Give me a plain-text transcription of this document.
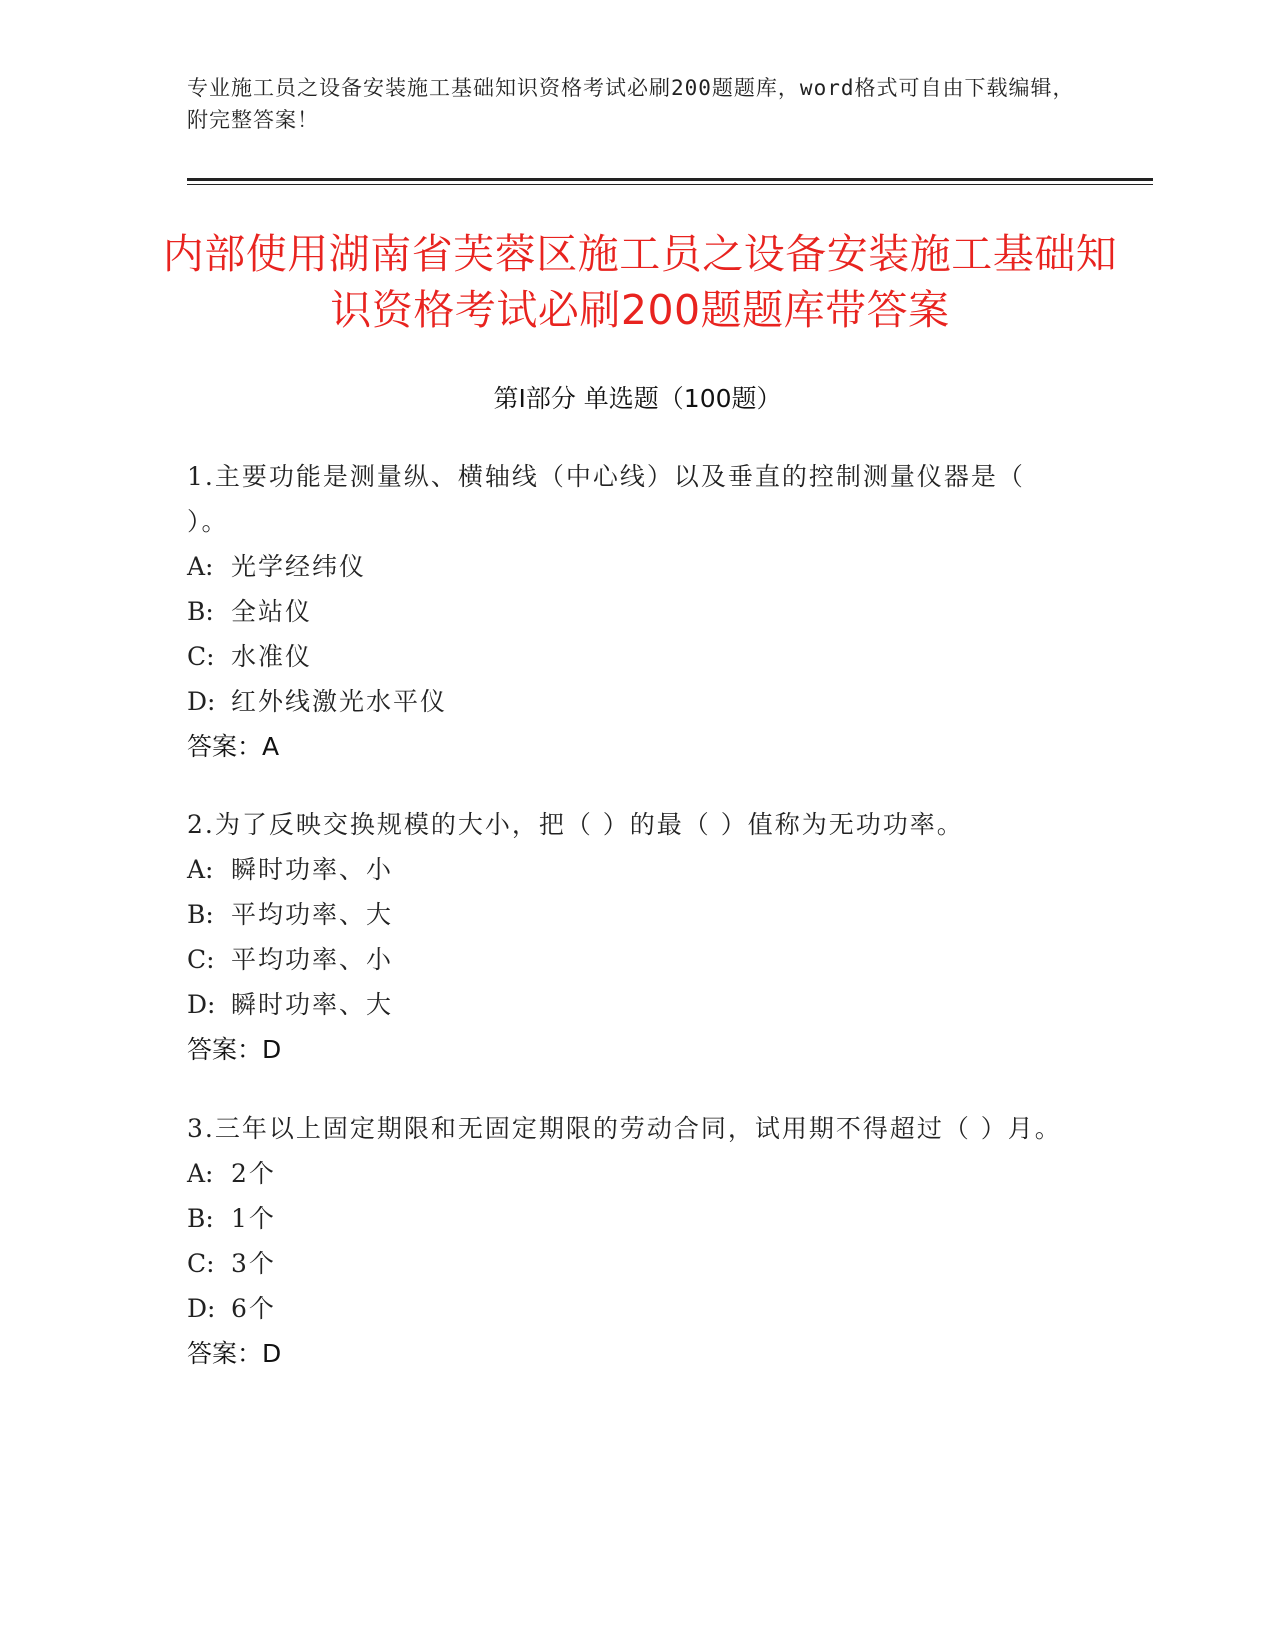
专业施工员之设备安装施工基础知识资格考试必刷200题题库，word格式可自由下载编辑，附完整答案！
内部使用湖南省芙蓉区施工员之设备安装施工基础知识资格考试必刷200题题库带答案
第I部分 单选题（100题）
1.主要功能是测量纵、横轴线（中心线）以及垂直的控制测量仪器是（ ）。
A: 光学经纬仪
B: 全站仪
C: 水准仪
D: 红外线激光水平仪
答案：A
2.为了反映交换规模的大小，把（ ）的最（ ）值称为无功功率。
A: 瞬时功率、小
B: 平均功率、大
C: 平均功率、小
D: 瞬时功率、大
答案：D
3.三年以上固定期限和无固定期限的劳动合同，试用期不得超过（ ）月。
A: 2个
B: 1个
C: 3个
D: 6个
答案：D
